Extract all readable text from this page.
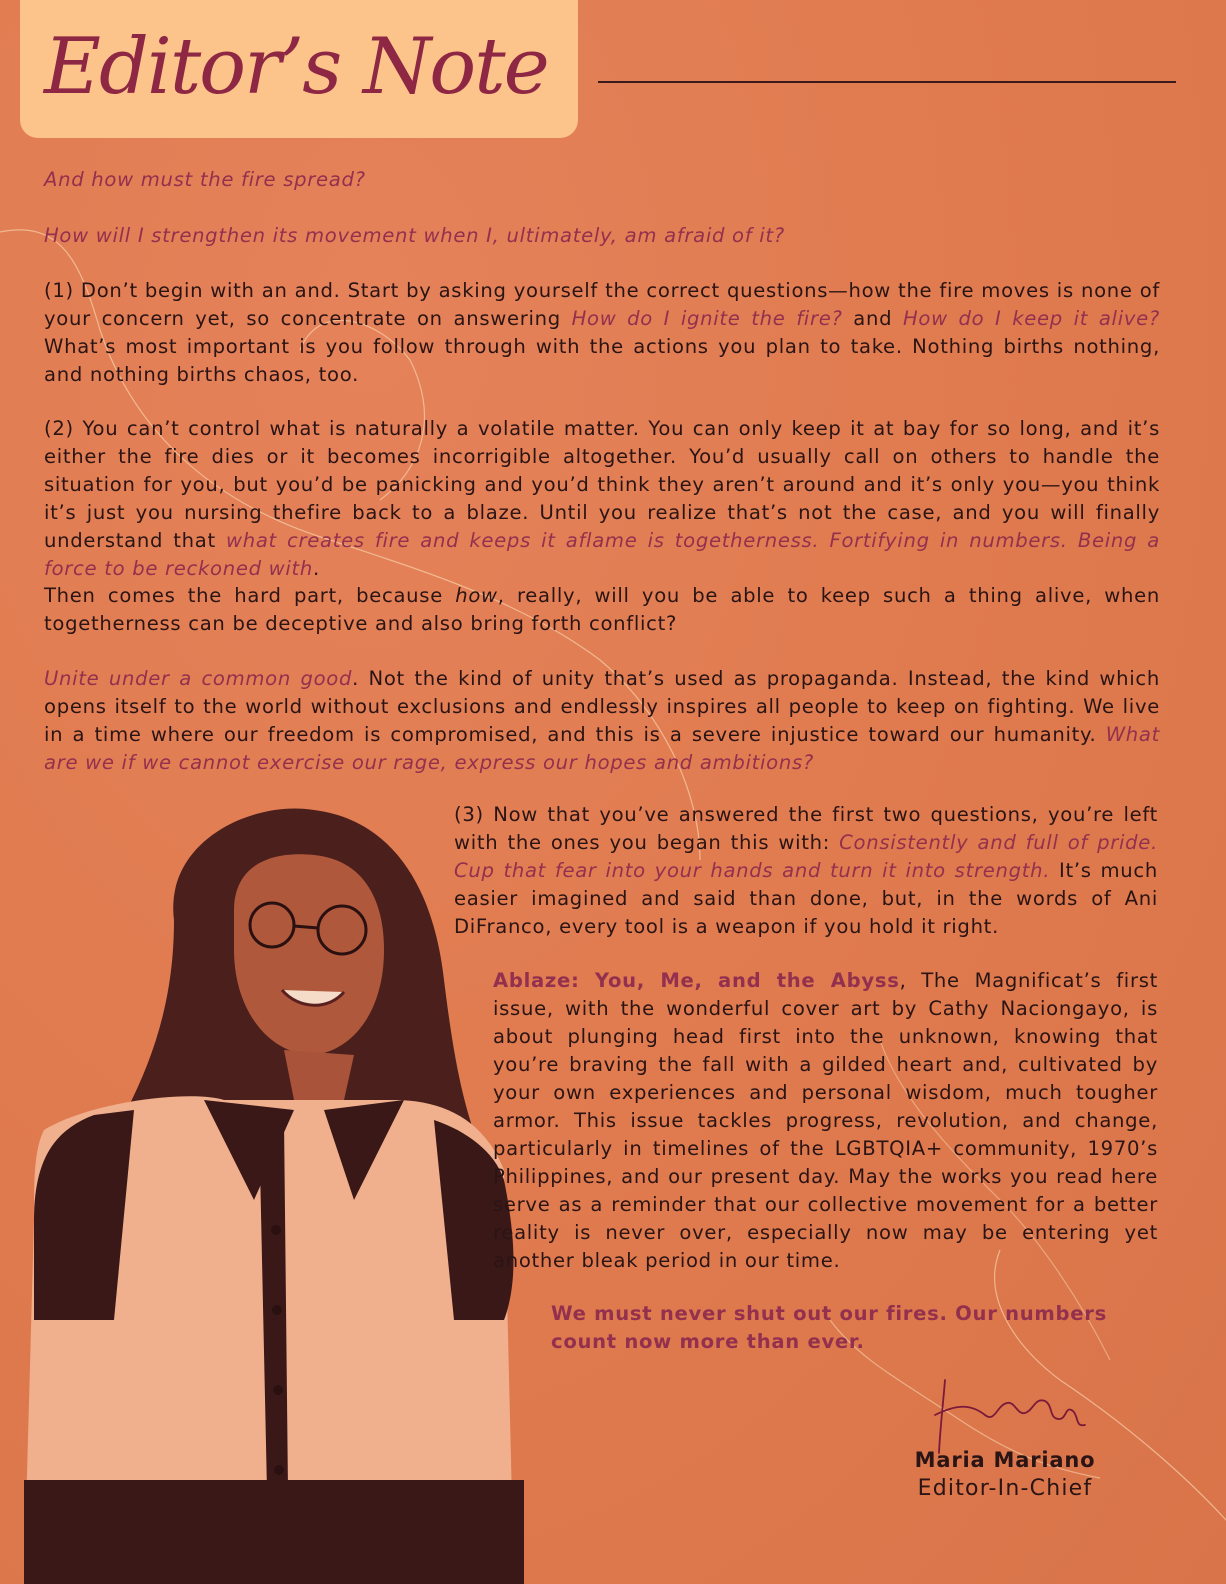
Editor’s Note

And how must the fire spread?

How will I strengthen its movement when I, ultimately, am afraid of it?

(1) Don’t begin with an and. Start by asking yourself the correct questions—how the fire moves is none of your concern yet, so concentrate on answering How do I ignite the fire? and How do I keep it alive? What’s most important is you follow through with the actions you plan to take. Nothing births nothing, and nothing births chaos, too.

(2) You can’t control what is naturally a volatile matter. You can only keep it at bay for so long, and it’s either the fire dies or it becomes incorrigible altogether. You’d usually call on others to handle the situation for you, but you’d be panicking and you’d think they aren’t around and it’s only you—you think it’s just you nursing thefire back to a blaze. Until you realize that’s not the case, and you will finally understand that what creates fire and keeps it aflame is togetherness. Fortifying in numbers. Being a force to be reckoned with.

Then comes the hard part, because how, really, will you be able to keep such a thing alive, when togetherness can be deceptive and also bring forth conflict?

Unite under a common good. Not the kind of unity that’s used as propaganda. Instead, the kind which opens itself to the world without exclusions and endlessly inspires all people to keep on fighting. We live in a time where our freedom is compromised, and this is a severe injustice toward our humanity. What are we if we cannot exercise our rage, express our hopes and ambitions?

(3) Now that you’ve answered the first two questions, you’re left with the ones you began this with: Consistently and full of pride. Cup that fear into your hands and turn it into strength. It’s much easier imagined and said than done, but, in the words of Ani DiFranco, every tool is a weapon if you hold it right.

Ablaze: You, Me, and the Abyss, The Magnificat’s first issue, with the wonderful cover art by Cathy Naciongayo, is about plunging head first into the unknown, knowing that you’re braving the fall with a gilded heart and, cultivated by your own experiences and personal wisdom, much tougher armor. This issue tackles progress, revolution, and change, particularly in timelines of the LGBTQIA+ community, 1970’s Philippines, and our present day. May the works you read here serve as a reminder that our collective movement for a better reality is never over, especially now may be entering yet another bleak period in our time.

We must never shut out our fires. Our numbers count now more than ever.

Maria Mariano
Editor-In-Chief
